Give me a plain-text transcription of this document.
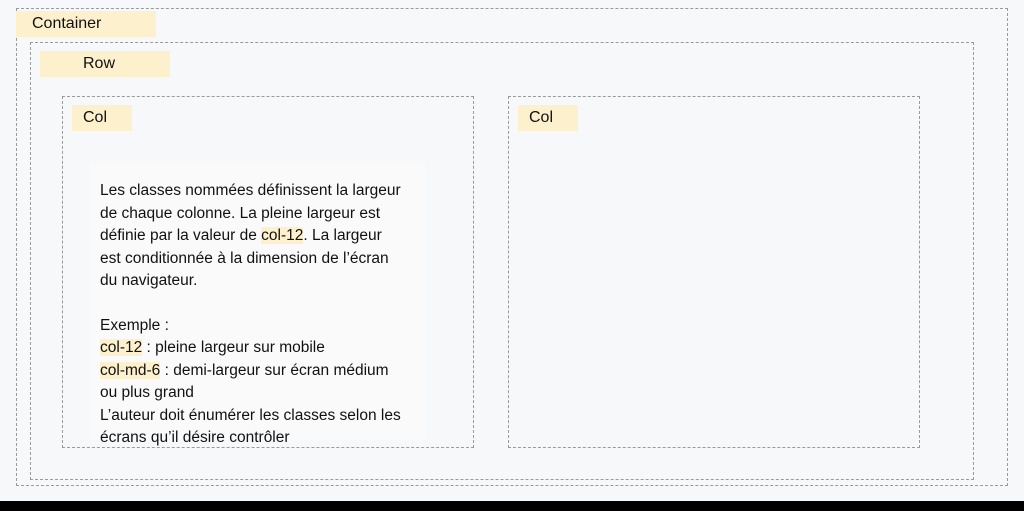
Container
Row
Col	Col

Les classes nommées définissent la largeur de chaque colonne. La pleine largeur est définie par la valeur de col-12. La largeur est conditionnée à la dimension de l’écran du navigateur.

Exemple :

col-12 : pleine largeur sur mobile

col-md-6 : demi-largeur sur écran médium ou plus grand

L’auteur doit énumérer les classes selon les écrans qu’il désire contrôler
